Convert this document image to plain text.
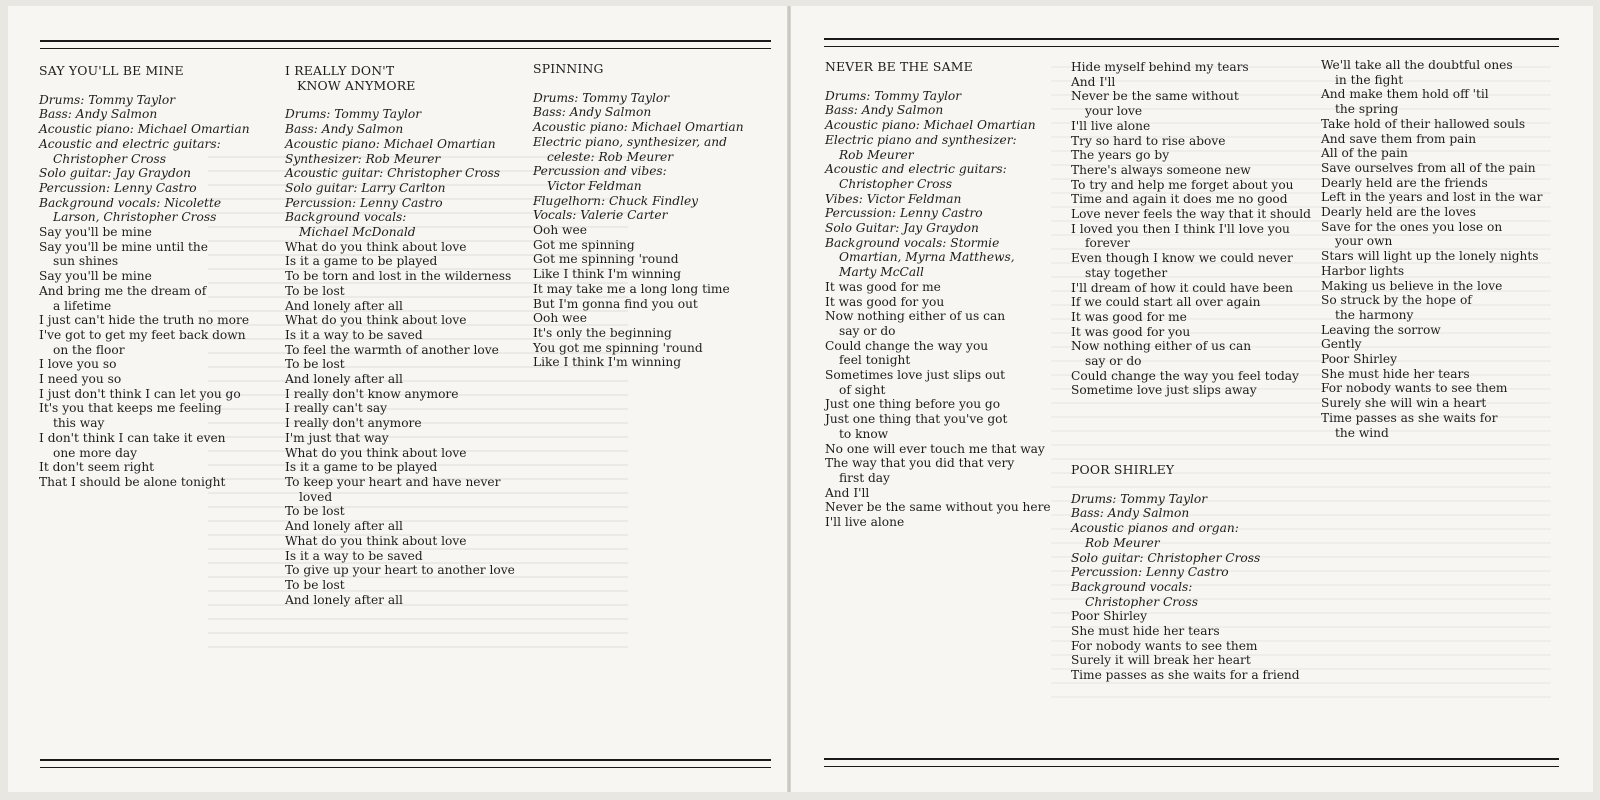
SAY YOU'LL BE MINE

Drums: Tommy Taylor
Bass: Andy Salmon
Acoustic piano: Michael Omartian
Acoustic and electric guitars:
Christopher Cross
Solo guitar: Jay Graydon
Percussion: Lenny Castro
Background vocals: Nicolette
Larson, Christopher Cross

Say you'll be mine
Say you'll be mine until the
sun shines
Say you'll be mine
And bring me the dream of
a lifetime

I just can't hide the truth no more
I've got to get my feet back down
on the floor
I love you so
I need you so
I just don't think I can let you go

It's you that keeps me feeling
this way
I don't think I can take it even
one more day
It don't seem right
That I should be alone tonight

I REALLY DON'T
KNOW ANYMORE

Drums: Tommy Taylor
Bass: Andy Salmon
Acoustic piano: Michael Omartian
Synthesizer: Rob Meurer
Acoustic guitar: Christopher Cross
Solo guitar: Larry Carlton
Percussion: Lenny Castro
Background vocals:
Michael McDonald

What do you think about love
Is it a game to be played
To be torn and lost in the wilderness
To be lost
And lonely after all

What do you think about love
Is it a way to be saved
To feel the warmth of another love
To be lost
And lonely after all

I really don't know anymore
I really can't say
I really don't anymore
I'm just that way

What do you think about love
Is it a game to be played
To keep your heart and have never
loved
To be lost
And lonely after all

What do you think about love
Is it a way to be saved
To give up your heart to another love
To be lost
And lonely after all

SPINNING

Drums: Tommy Taylor
Bass: Andy Salmon
Acoustic piano: Michael Omartian
Electric piano, synthesizer, and
celeste: Rob Meurer
Percussion and vibes:
Victor Feldman
Flugelhorn: Chuck Findley
Vocals: Valerie Carter

Ooh wee
Got me spinning
Got me spinning 'round
Like I think I'm winning

It may take me a long long time
But I'm gonna find you out

Ooh wee
It's only the beginning
You got me spinning 'round
Like I think I'm winning

NEVER BE THE SAME

Drums: Tommy Taylor
Bass: Andy Salmon
Acoustic piano: Michael Omartian
Electric piano and synthesizer:
Rob Meurer
Acoustic and electric guitars:
Christopher Cross
Vibes: Victor Feldman
Percussion: Lenny Castro
Solo Guitar: Jay Graydon
Background vocals: Stormie
Omartian, Myrna Matthews,
Marty McCall

It was good for me
It was good for you
Now nothing either of us can
say or do
Could change the way you
feel tonight
Sometimes love just slips out
of sight

Just one thing before you go
Just one thing that you've got
to know
No one will ever touch me that way
The way that you did that very
first day

And I'll
Never be the same without you here
I'll live alone

Hide myself behind my tears
And I'll
Never be the same without
your love
I'll live alone
Try so hard to rise above

The years go by
There's always someone new
To try and help me forget about you
Time and again it does me no good
Love never feels the way that it should

I loved you then I think I'll love you
forever
Even though I know we could never
stay together
I'll dream of how it could have been
If we could start all over again

It was good for me
It was good for you
Now nothing either of us can
say or do
Could change the way you feel today
Sometime love just slips away

POOR SHIRLEY

Drums: Tommy Taylor
Bass: Andy Salmon
Acoustic pianos and organ:
Rob Meurer
Solo guitar: Christopher Cross
Percussion: Lenny Castro
Background vocals:
Christopher Cross

Poor Shirley
She must hide her tears
For nobody wants to see them
Surely it will break her heart
Time passes as she waits for a friend

We'll take all the doubtful ones
in the fight
And make them hold off 'til
the spring
Take hold of their hallowed souls
And save them from pain
All of the pain
Save ourselves from all of the pain

Dearly held are the friends
Left in the years and lost in the war
Dearly held are the loves
Save for the ones you lose on
your own

Stars will light up the lonely nights
Harbor lights
Making us believe in the love
So struck by the hope of
the harmony
Leaving the sorrow
Gently

Poor Shirley
She must hide her tears
For nobody wants to see them
Surely she will win a heart
Time passes as she waits for
the wind
